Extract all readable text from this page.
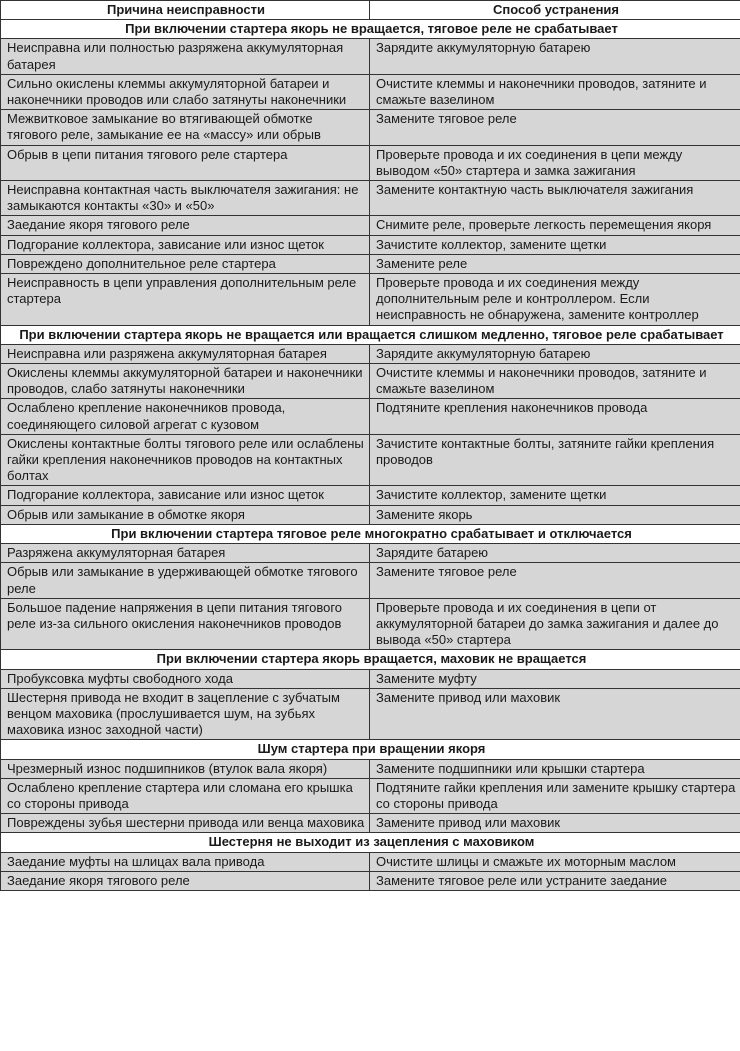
Причина неисправности	Способ устранения
При включении стартера якорь не вращается, тяговое реле не срабатывает	
Неисправна или полностью разряжена аккумуляторная батарея	Зарядите аккумуляторную батарею
Сильно окислены клеммы аккумуляторной батареи и наконечники проводов или слабо затянуты наконечники	Очистите клеммы и наконечники проводов, затяните и смажьте вазелином
Межвитковое замыкание во втягивающей обмотке тягового реле, замыкание ее на «массу» или обрыв	Замените тяговое реле
Обрыв в цепи питания тягового реле стартера	Проверьте провода и их соединения в цепи между выводом «50» стартера и замка зажигания
Неисправна контактная часть выключателя зажигания: не замыкаются контакты «30» и «50»	Замените контактную часть выключателя зажигания
Заедание якоря тягового реле	Снимите реле, проверьте легкость перемещения якоря
Подгорание коллектора, зависание или износ щеток	Зачистите коллектор, замените щетки
Повреждено дополнительное реле стартера	Замените реле
Неисправность в цепи управления дополнительным реле стартера	Проверьте провода и их соединения между дополнительным реле и контроллером. Если неисправность не обнаружена, замените контроллер
При включении стартера якорь не вращается или вращается слишком медленно, тяговое реле срабатывает	
Неисправна или разряжена аккумуляторная батарея	Зарядите аккумуляторную батарею
Окислены клеммы аккумуляторной батареи и наконечники проводов, слабо затянуты наконечники	Очистите клеммы и наконечники проводов, затяните и смажьте вазелином
Ослаблено крепление наконечников провода, соединяющего силовой агрегат с кузовом	Подтяните крепления наконечников провода
Окислены контактные болты тягового реле или ослаблены гайки крепления наконечников проводов на контактных болтах	Зачистите контактные болты, затяните гайки крепления проводов
Подгорание коллектора, зависание или износ щеток	Зачистите коллектор, замените щетки
Обрыв или замыкание в обмотке якоря	Замените якорь
При включении стартера тяговое реле многократно срабатывает и отключается	
Разряжена аккумуляторная батарея	Зарядите батарею
Обрыв или замыкание в удерживающей обмотке тягового реле	Замените тяговое реле
Большое падение напряжения в цепи питания тягового реле из-за сильного окисления наконечников проводов	Проверьте провода и их соединения в цепи от аккумуляторной батареи до замка зажигания и далее до вывода «50» стартера
При включении стартера якорь вращается, маховик не вращается	
Пробуксовка муфты свободного хода	Замените муфту
Шестерня привода не входит в зацепление с зубчатым венцом маховика (прослушивается шум, на зубьях маховика износ заходной части)	Замените привод или маховик
Шум стартера при вращении якоря	
Чрезмерный износ подшипников (втулок вала якоря)	Замените подшипники или крышки стартера
Ослаблено крепление стартера или сломана его крышка со стороны привода	Подтяните гайки крепления или замените крышку стартера со стороны привода
Повреждены зубья шестерни привода или венца маховика	Замените привод или маховик
Шестерня не выходит из зацепления с маховиком	
Заедание муфты на шлицах вала привода	Очистите шлицы и смажьте их моторным маслом
Заедание якоря тягового реле	Замените тяговое реле или устраните заедание
